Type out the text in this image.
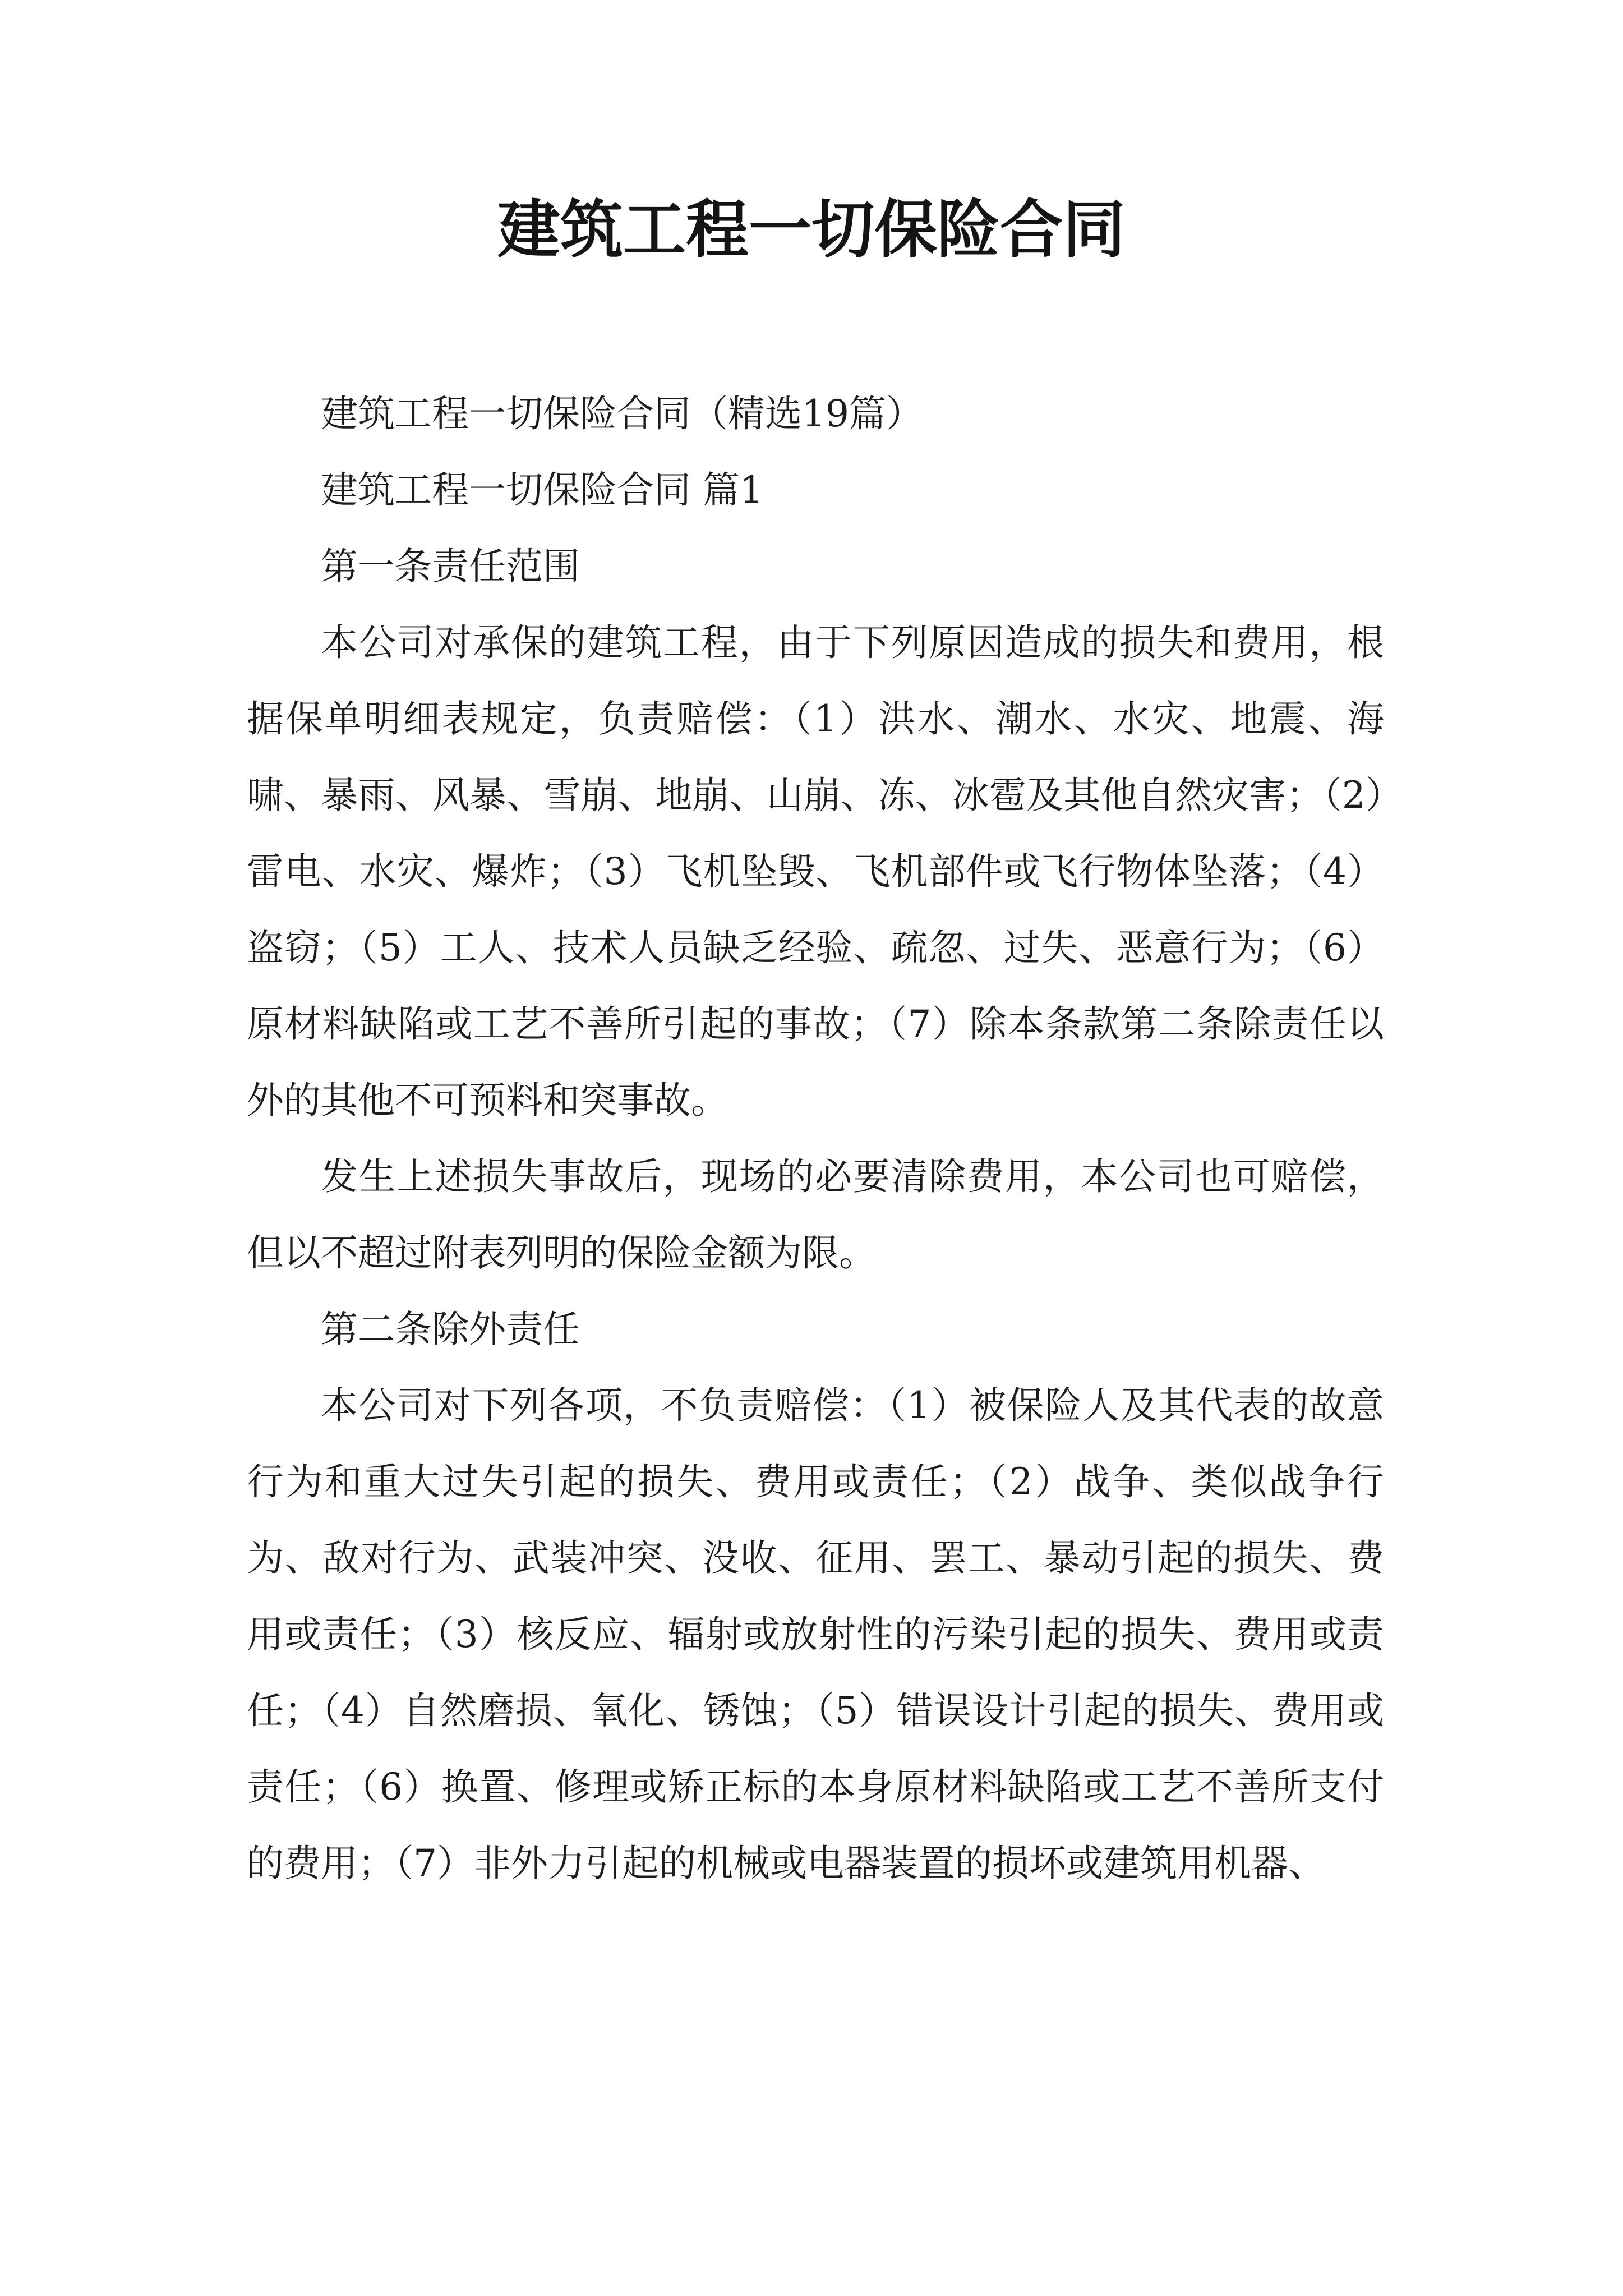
建筑工程一切保险合同

建筑工程一切保险合同（精选19篇）

建筑工程一切保险合同 篇1

第一条责任范围

本公司对承保的建筑工程，由于下列原因造成的损失和费用，根据保单明细表规定，负责赔偿：（1）洪水、潮水、水灾、地震、海啸、暴雨、风暴、雪崩、地崩、山崩、冻、冰雹及其他自然灾害；（2）雷电、水灾、爆炸；（3）飞机坠毁、飞机部件或飞行物体坠落；（4）盗窃；（5）工人、技术人员缺乏经验、疏忽、过失、恶意行为；（6）原材料缺陷或工艺不善所引起的事故；（7）除本条款第二条除责任以外的其他不可预料和突事故。

发生上述损失事故后，现场的必要清除费用，本公司也可赔偿，但以不超过附表列明的保险金额为限。

第二条除外责任

本公司对下列各项，不负责赔偿：（1）被保险人及其代表的故意行为和重大过失引起的损失、费用或责任；（2）战争、类似战争行为、敌对行为、武装冲突、没收、征用、罢工、暴动引起的损失、费用或责任；（3）核反应、辐射或放射性的污染引起的损失、费用或责任；（4）自然磨损、氧化、锈蚀；（5）错误设计引起的损失、费用或责任；（6）换置、修理或矫正标的本身原材料缺陷或工艺不善所支付的费用；（7）非外力引起的机械或电器装置的损坏或建筑用机器、
